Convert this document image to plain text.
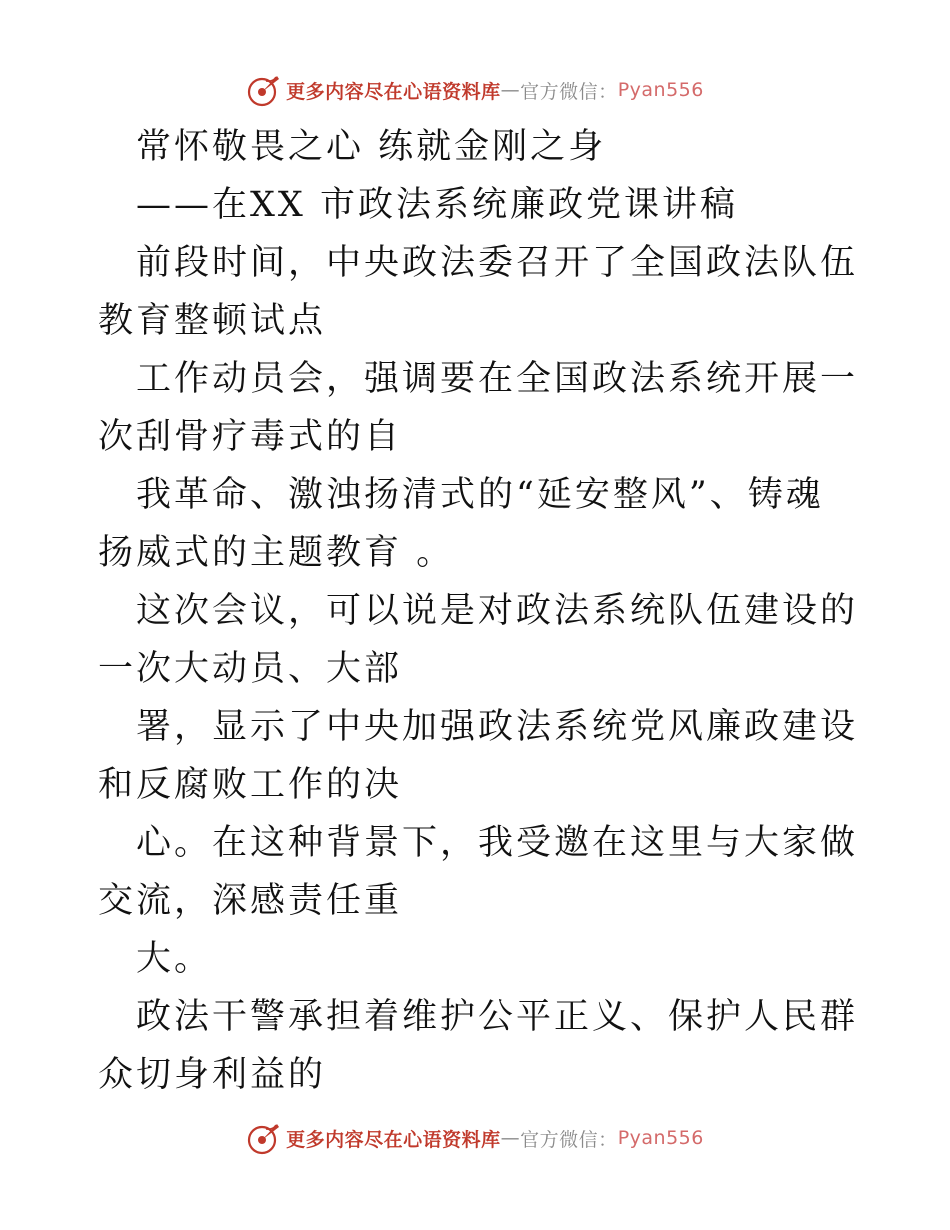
更多内容尽在心语资料库 — 官方微信： Pyan556

常怀敬畏之心 练就金刚之身

——在XX 市政法系统廉政党课讲稿

前段时间，中央政法委召开了全国政法队伍教育整顿试点

工作动员会，强调要在全国政法系统开展一次刮骨疗毒式的自

我革命、激浊扬清式的“延安整风”、铸魂扬威式的主题教育 。

这次会议，可以说是对政法系统队伍建设的一次大动员、大部

署，显示了中央加强政法系统党风廉政建设和反腐败工作的决

心。在这种背景下，我受邀在这里与大家做交流，深感责任重

大。

政法干警承担着维护公平正义、保护人民群众切身利益的

更多内容尽在心语资料库 — 官方微信： Pyan556
